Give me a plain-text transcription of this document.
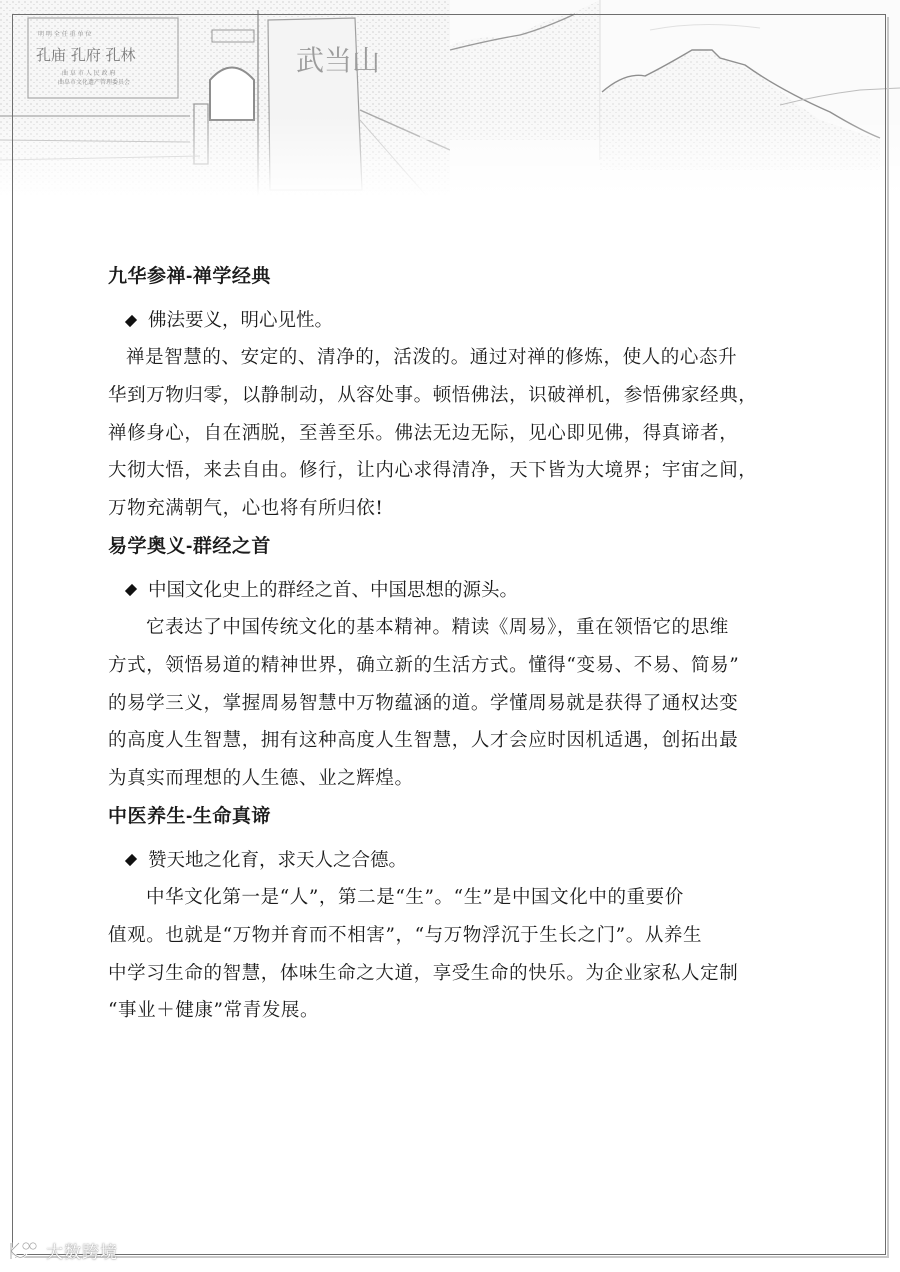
明 明 全 任 重 单 位
孔庙 孔府 孔林
曲 阜 市 人 民 政 府
曲阜市文化遗产管理委员会
武当山
九华参禅-禅学经典
佛法要义，明心见性。

禅是智慧的、安定的、清净的，活泼的。通过对禅的修炼，使人的心态升
华到万物归零，以静制动，从容处事。顿悟佛法，识破禅机，参悟佛家经典，
禅修身心，自在洒脱，至善至乐。佛法无边无际，见心即见佛，得真谛者，
大彻大悟，来去自由。修行，让内心求得清净，天下皆为大境界；宇宙之间，
万物充满朝气，心也将有所归依!

易学奥义-群经之首
中国文化史上的群经之首、中国思想的源头。

它表达了中国传统文化的基本精神。精读《周易》，重在领悟它的思维
方式，领悟易道的精神世界，确立新的生活方式。懂得“变易、不易、简易”
的易学三义，掌握周易智慧中万物蕴涵的道。学懂周易就是获得了通权达变
的高度人生智慧，拥有这种高度人生智慧，人才会应时因机适遇，创拓出最
为真实而理想的人生德、业之辉煌。

中医养生-生命真谛
赞天地之化育，求天人之合德。

中华文化第一是“人”，第二是“生”。“生”是中国文化中的重要价
值观。也就是“万物并育而不相害”，“与万物浮沉于生长之门”。从养生
中学习生命的智慧，体味生命之大道，享受生命的快乐。为企业家私人定制
“事业＋健康”常青发展。

大数跨境
